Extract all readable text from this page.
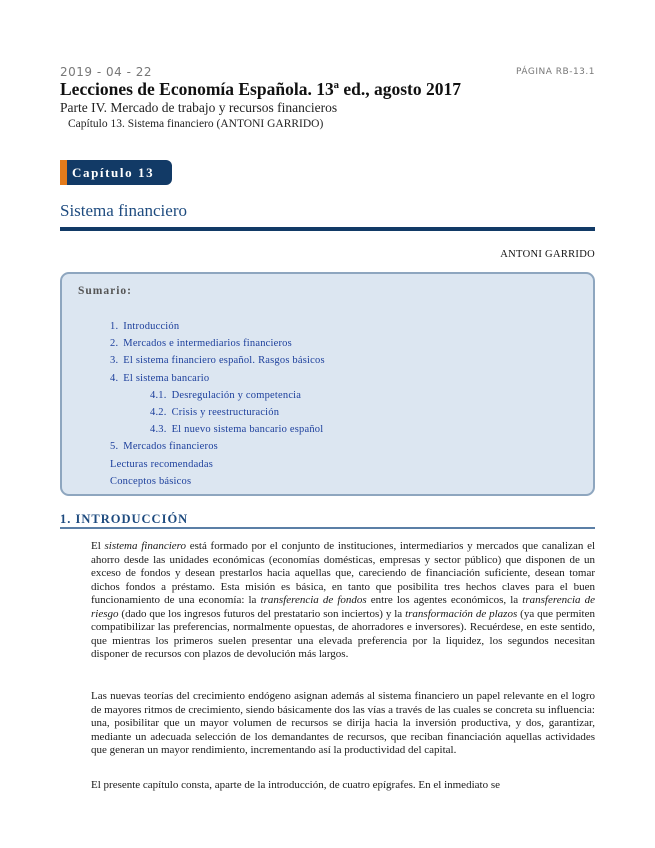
2019 - 04 - 22	PÁGINA RB-13.1
Lecciones de Economía Española. 13ª ed., agosto 2017
Parte IV. Mercado de trabajo y recursos financieros
Capítulo 13. Sistema financiero (ANTONI GARRIDO)
Capítulo 13
Sistema financiero
ANTONI GARRIDO
Sumario:
1. Introducción
2. Mercados e intermediarios financieros
3. El sistema financiero español. Rasgos básicos
4. El sistema bancario
4.1. Desregulación y competencia
4.2. Crisis y reestructuración
4.3. El nuevo sistema bancario español
5. Mercados financieros
Lecturas recomendadas
Conceptos básicos
1. INTRODUCCIÓN

El sistema financiero está formado por el conjunto de instituciones, intermediarios y mercados que canalizan el ahorro desde las unidades económicas (economías domésticas, empresas y sector público) que disponen de un exceso de fondos y desean prestarlos hacia aquellas que, careciendo de financiación suficiente, desean tomar dichos fondos a préstamo. Esta misión es básica, en tanto que posibilita tres hechos claves para el buen funcionamiento de una economía: la transferencia de fondos entre los agentes económicos, la transferencia de riesgo (dado que los ingresos futuros del prestatario son inciertos) y la transformación de plazos (ya que permiten compatibilizar las preferencias, normalmente opuestas, de ahorradores e inversores). Recuérdese, en este sentido, que mientras los primeros suelen presentar una elevada preferencia por la liquidez, los segundos necesitan disponer de recursos con plazos de devolución más largos.

Las nuevas teorías del crecimiento endógeno asignan además al sistema financiero un papel relevante en el logro de mayores ritmos de crecimiento, siendo básicamente dos las vías a través de las cuales se concreta su influencia: una, posibilitar que un mayor volumen de recursos se dirija hacia la inversión productiva, y dos, garantizar, mediante un adecuada selección de los demandantes de recursos, que reciban financiación aquellas actividades que generan un mayor rendimiento, incrementando así la productividad del capital.

El presente capítulo consta, aparte de la introducción, de cuatro epígrafes. En el inmediato se
